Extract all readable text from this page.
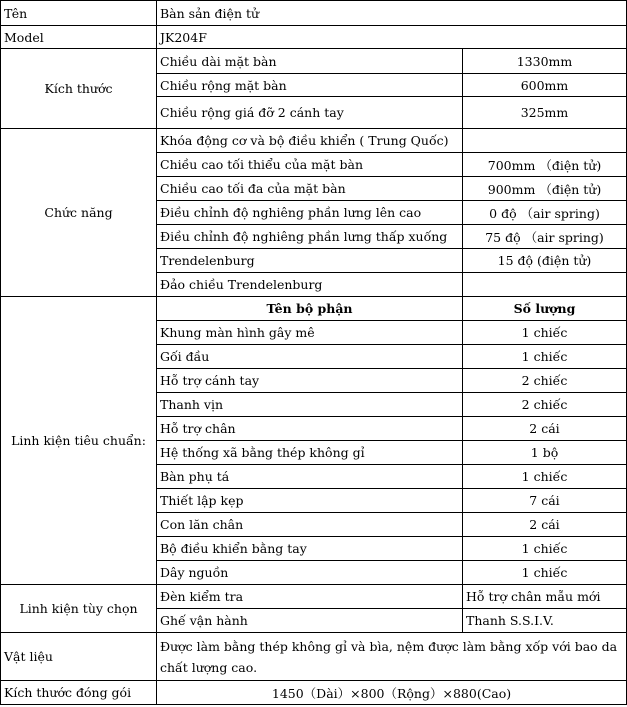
Tên	Bàn sản điện tử	
Model	JK204F	
Kích thước	Chiều dài mặt bàn	1330mm
	Chiều rộng mặt bàn	600mm
	Chiều rộng giá đỡ 2 cánh tay	325mm
Chức năng	Khóa động cơ và bộ điều khiển ( Trung Quốc)	
	Chiều cao tối thiểu của mặt bàn	700mm （điện tử)
	Chiều cao tối đa của mặt bàn	900mm （điện tử)
	Điều chỉnh độ nghiêng phần lưng lên cao	0 độ （air spring)
	Điều chỉnh độ nghiêng phần lưng thấp xuống	75 độ （air spring)
	Trendelenburg	15 độ (điện tử)
	Đảo chiều Trendelenburg	
Linh kiện tiêu chuẩn:	Tên bộ phận	Số lượng
	Khung màn hình gây mê	1 chiếc
	Gối đầu	1 chiếc
	Hỗ trợ cánh tay	2 chiếc
	Thanh vịn	2 chiếc
	Hỗ trợ chân	2 cái
	Hệ thống xã bằng thép không gỉ	1 bộ
	Bàn phụ tá	1 chiếc
	Thiết lập kẹp	7 cái
	Con lăn chân	2 cái
	Bộ điều khiển bằng tay	1 chiếc
	Dây nguồn	1 chiếc
Linh kiện tùy chọn	Đèn kiểm tra	Hỗ trợ chân mẫu mới
	Ghế vận hành	Thanh S.S.I.V.
Vật liệu	Được làm bằng thép không gỉ và bìa, nệm được làm bằng xốp với bao da chất lượng cao.	
Kích thước đóng gói	1450（Dài）×800（Rộng）×880(Cao)	
